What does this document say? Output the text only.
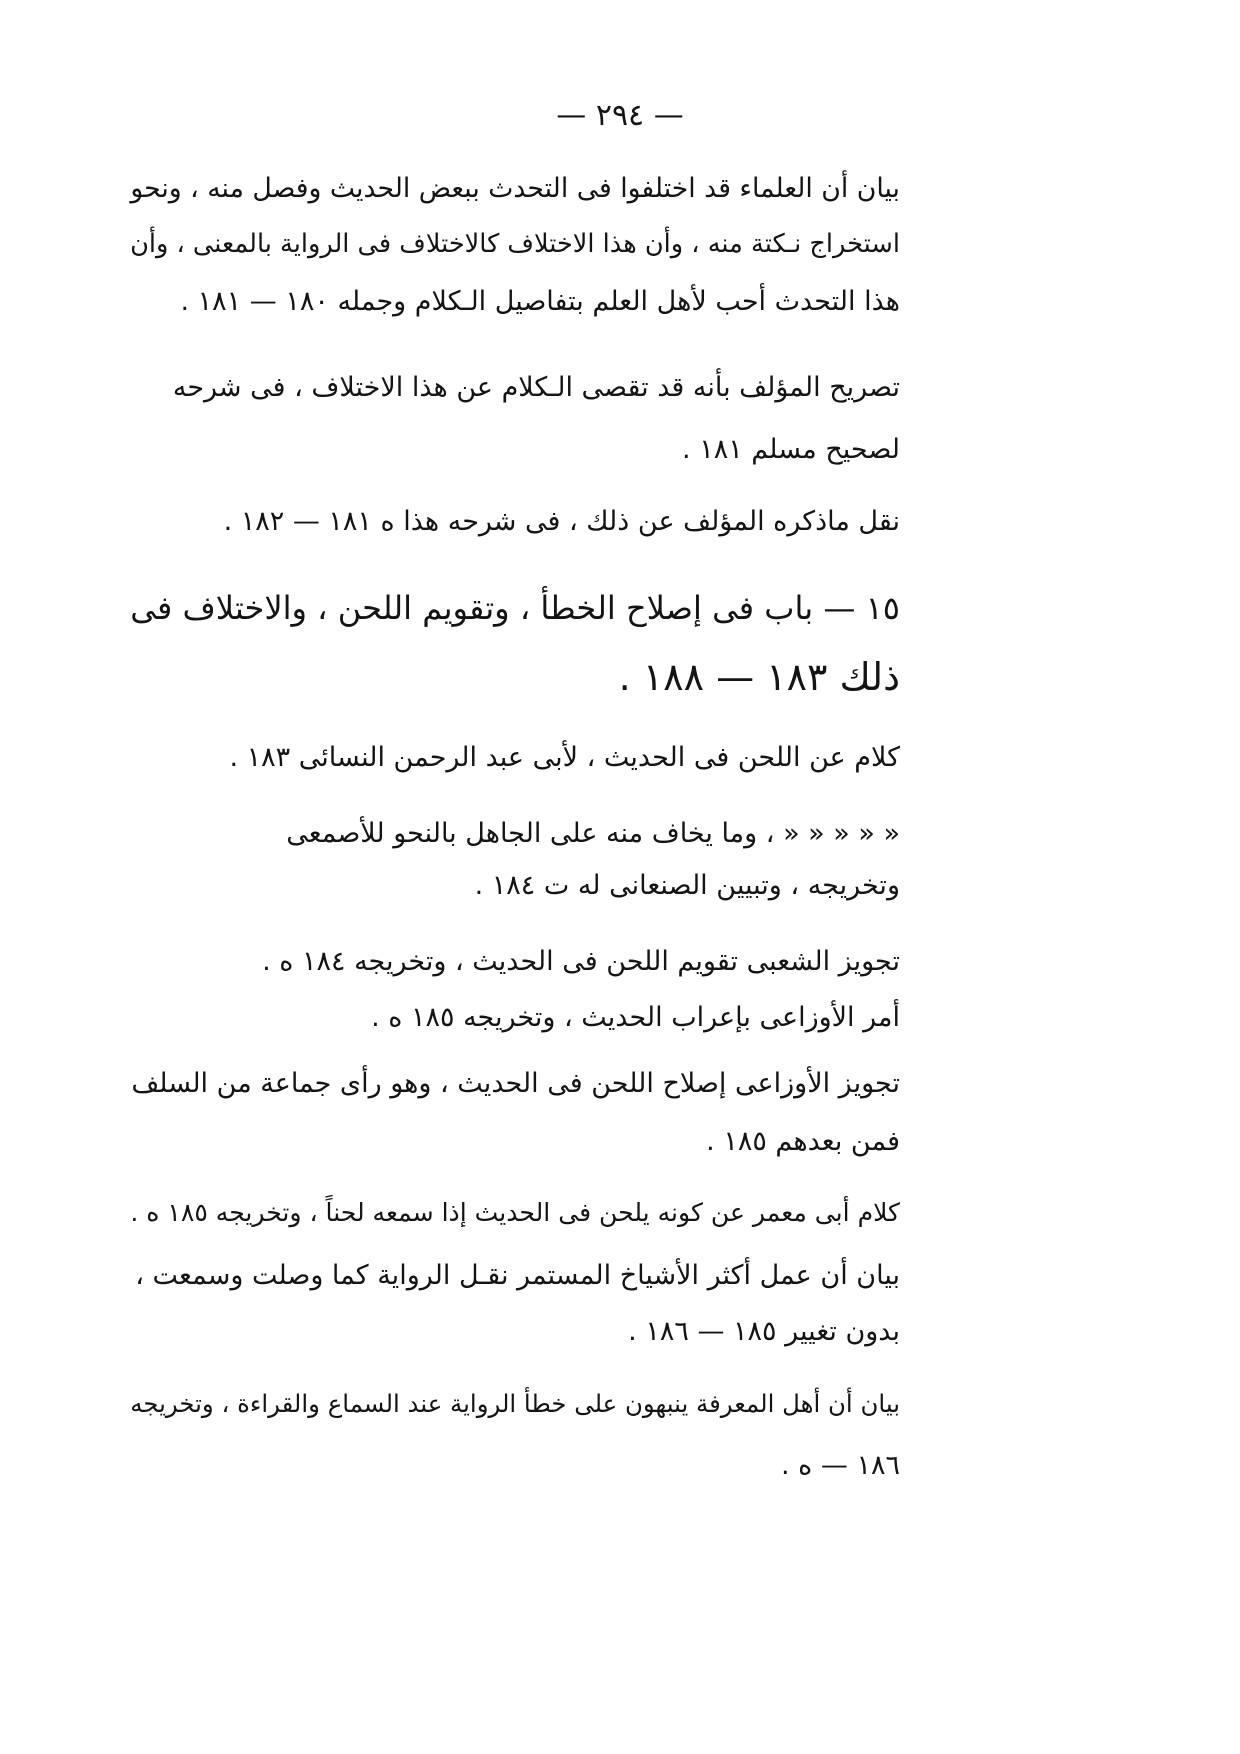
— ٢٩٤ —
بيان أن العلماء قد اختلفوا فى التحدث ببعض الحديث وفصل منه ، ونحو
استخراج نـكتة منه ، وأن هذا الاختلاف كالاختلاف فى الرواية بالمعنى ، وأن
هذا التحدث أحب لأهل العلم بتفاصيل الـكلام وجمله ١٨٠ — ١٨١ .
تصريح المؤلف بأنه قد تقصى الـكلام عن هذا الاختلاف ، فى شرحه
لصحيح مسلم ١٨١ .
نقل ماذكره المؤلف عن ذلك ، فى شرحه هذا ه ١٨١ — ١٨٢ .
١٥ — باب فى إصلاح الخطأ ، وتقويم اللحن ، والاختلاف فى
ذلك ١٨٣ — ١٨٨ .
كلام عن اللحن فى الحديث ، لأبى عبد الرحمن النسائى ١٨٣ .
« « « « « ، وما يخاف منه على الجاهل بالنحو للأصمعى
وتخريجه ، وتبيين الصنعانى له ت ١٨٤ .
تجويز الشعبى تقويم اللحن فى الحديث ، وتخريجه ١٨٤ ه .
أمر الأوزاعى بإعراب الحديث ، وتخريجه ١٨٥ ه .
تجويز الأوزاعى إصلاح اللحن فى الحديث ، وهو رأى جماعة من السلف
فمن بعدهم ١٨٥ .
كلام أبى معمر عن كونه يلحن فى الحديث إذا سمعه لحناً ، وتخريجه ١٨٥ ه .
بيان أن عمل أكثر الأشياخ المستمر نقـل الرواية كما وصلت وسمعت ،
بدون تغيير ١٨٥ — ١٨٦ .
بيان أن أهل المعرفة ينبهون على خطأ الرواية عند السماع والقراءة ، وتخريجه
١٨٦ — ه .
